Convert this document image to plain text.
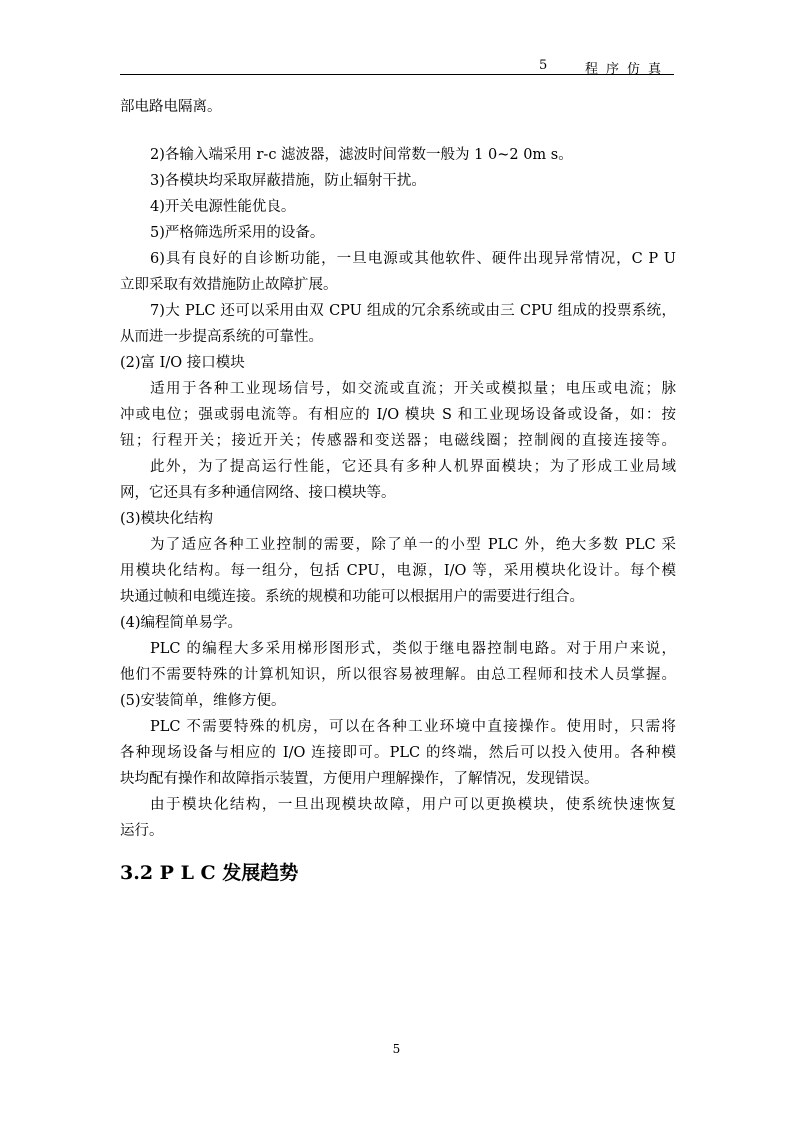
5	程序仿真

部电路电隔离。

2)各输入端采用 r-c 滤波器，滤波时间常数一般为 1 0~2 0m s。

3)各模块均采取屏蔽措施，防止辐射干扰。

4)开关电源性能优良。

5)严格筛选所采用的设备。

6)具有良好的自诊断功能，一旦电源或其他软件、硬件出现异常情况，C P U

立即采取有效措施防止故障扩展。

7)大 PLC 还可以采用由双 CPU 组成的冗余系统或由三 CPU 组成的投票系统，

从而进一步提高系统的可靠性。

(2)富 I/O 接口模块

适用于各种工业现场信号，如交流或直流；开关或模拟量；电压或电流；脉

冲或电位；强或弱电流等。有相应的 I/O 模块 S 和工业现场设备或设备，如：按

钮；行程开关；接近开关；传感器和变送器；电磁线圈；控制阀的直接连接等。

此外，为了提高运行性能，它还具有多种人机界面模块；为了形成工业局域

网，它还具有多种通信网络、接口模块等。

(3)模块化结构

为了适应各种工业控制的需要，除了单一的小型 PLC 外，绝大多数 PLC 采

用模块化结构。每一组分，包括 CPU，电源，I/O 等，采用模块化设计。每个模

块通过帧和电缆连接。系统的规模和功能可以根据用户的需要进行组合。

(4)编程简单易学。

PLC 的编程大多采用梯形图形式，类似于继电器控制电路。对于用户来说，

他们不需要特殊的计算机知识，所以很容易被理解。由总工程师和技术人员掌握。

(5)安装简单，维修方便。

PLC 不需要特殊的机房，可以在各种工业环境中直接操作。使用时，只需将

各种现场设备与相应的 I/O 连接即可。PLC 的终端，然后可以投入使用。各种模

块均配有操作和故障指示装置，方便用户理解操作，了解情况，发现错误。

由于模块化结构，一旦出现模块故障，用户可以更换模块，使系统快速恢复

运行。

3.2 P L C 发展趋势
5
